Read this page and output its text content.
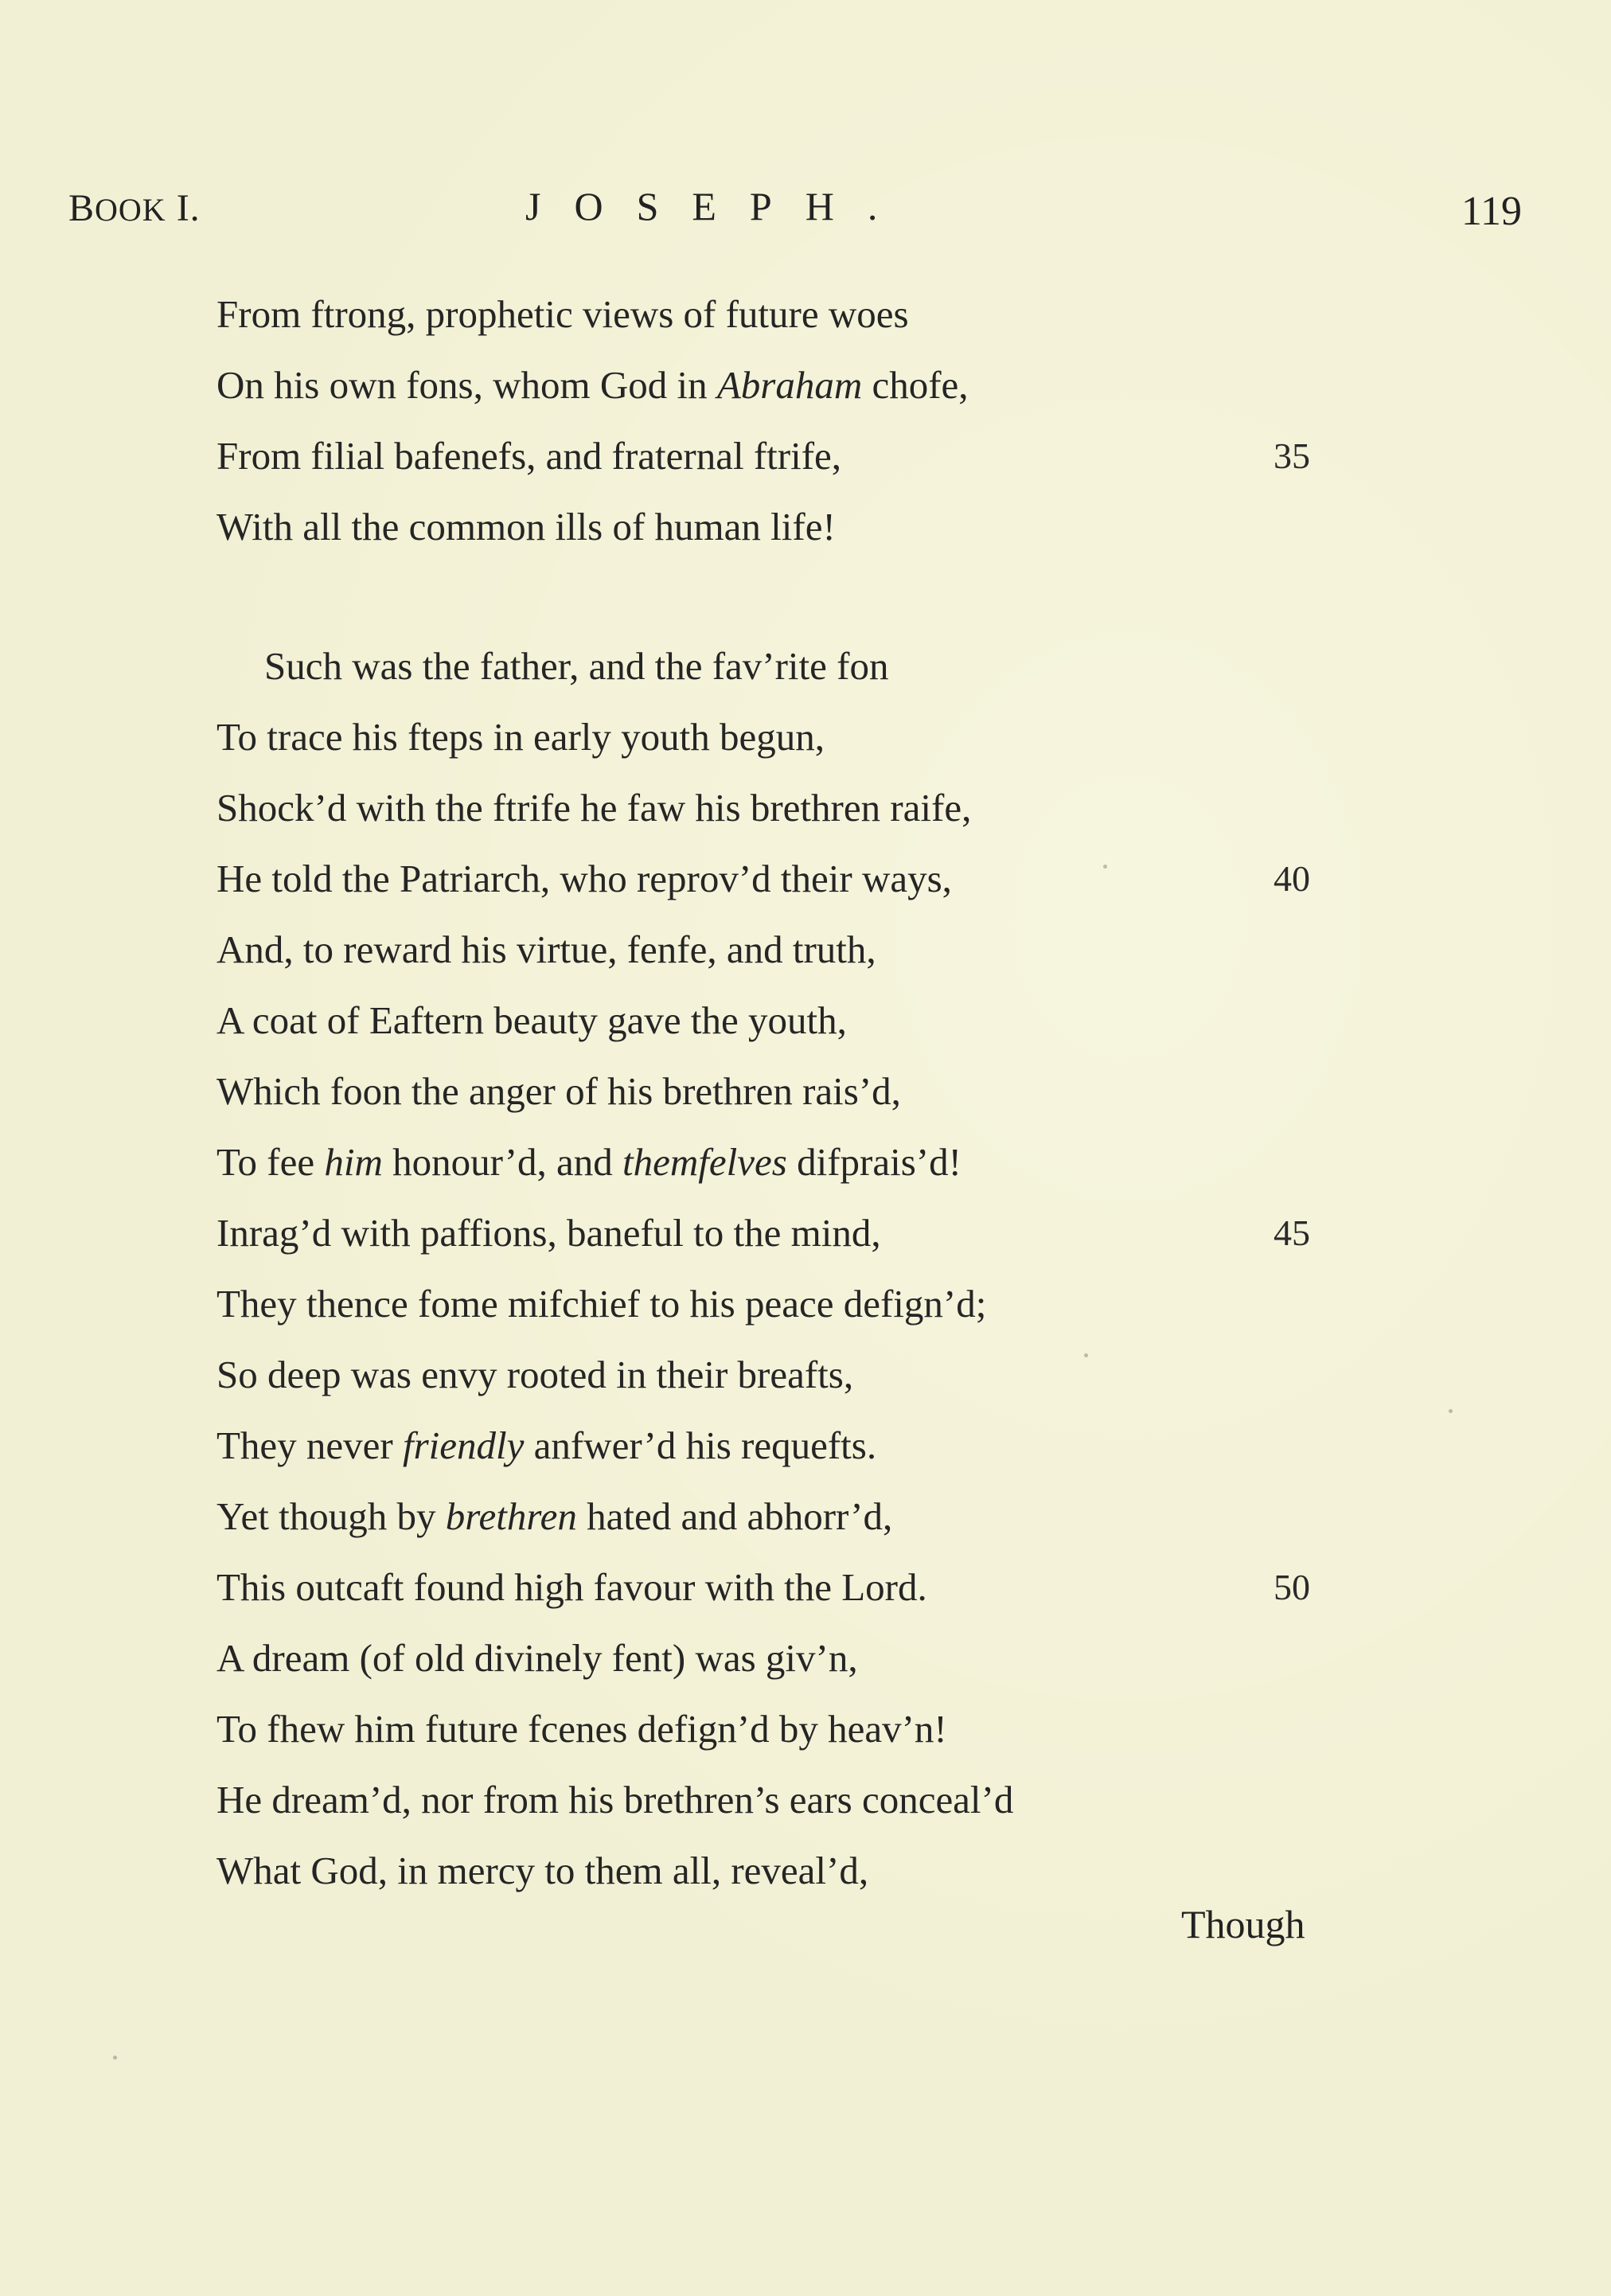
BOOK I.	JOSEPH.	119
From ftrong, prophetic views of future woes
On his own fons, whom God in Abraham chofe,
From filial bafenefs, and fraternal ftrife,	35
With all the common ills of human life!
Such was the father, and the fav’rite fon
To trace his fteps in early youth begun,
Shock’d with the ftrife he faw his brethren raife,
He told the Patriarch, who reprov’d their ways,	40
And, to reward his virtue, fenfe, and truth,
A coat of Eaftern beauty gave the youth,
Which foon the anger of his brethren rais’d,
To fee him honour’d, and themfelves difprais’d!
Inrag’d with paffions, baneful to the mind,	45
They thence fome mifchief to his peace defign’d;
So deep was envy rooted in their breafts,
They never friendly anfwer’d his requefts.
Yet though by brethren hated and abhorr’d,
This outcaft found high favour with the Lord.	50
A dream (of old divinely fent) was giv’n,
To fhew him future fcenes defign’d by heav’n!
He dream’d, nor from his brethren’s ears conceal’d
What God, in mercy to them all, reveal’d,
Though
